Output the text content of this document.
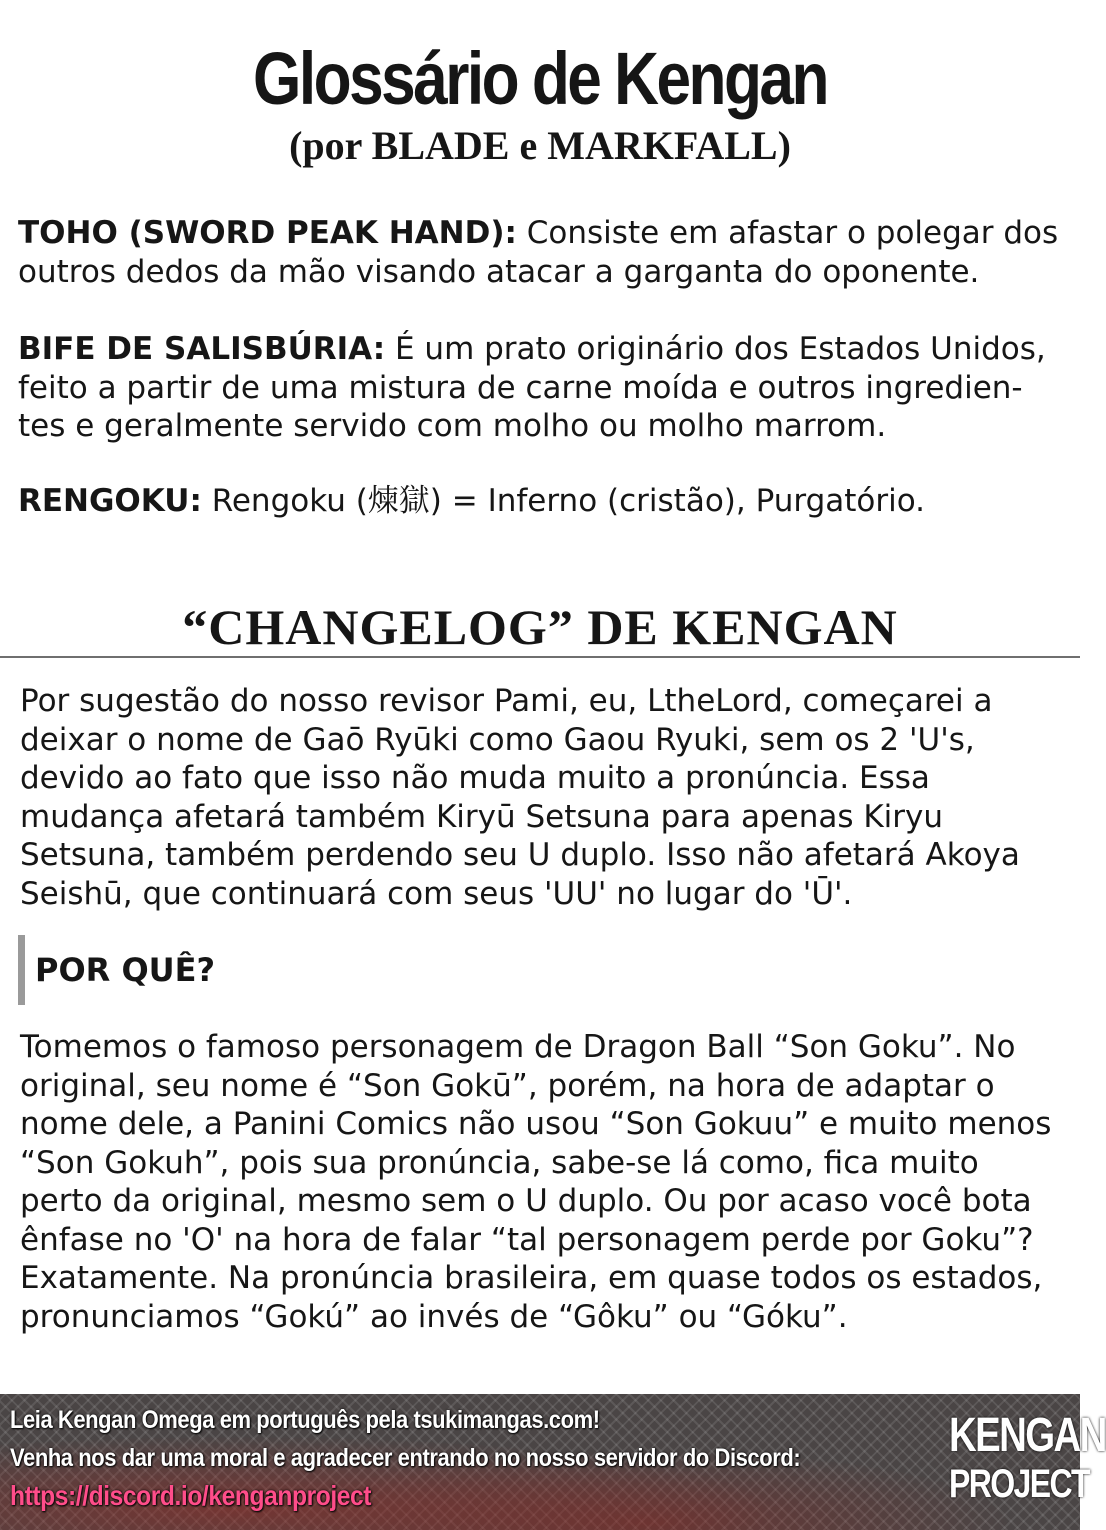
Glossário de Kengan
(por BLADE e MARKFALL)

TOHO (SWORD PEAK HAND): Consiste em afastar o polegar dos outros dedos da mão visando atacar a garganta do oponente.

BIFE DE SALISBÚRIA: É um prato originário dos Estados Unidos, feito a partir de uma mistura de carne moída e outros ingredien-tes e geralmente servido com molho ou molho marrom.

RENGOKU: Rengoku (煉獄) = Inferno (cristão), Purgatório.

“CHANGELOG” DE KENGAN

Por sugestão do nosso revisor Pami, eu, LtheLord, começarei a deixar o nome de Gaō Ryūki como Gaou Ryuki, sem os 2 'U's, devido ao fato que isso não muda muito a pronúncia. Essa mudança afetará também Kiryū Setsuna para apenas Kiryu Setsuna, também perdendo seu U duplo. Isso não afetará Akoya Seishū, que continuará com seus 'UU' no lugar do 'Ū'.

POR QUÊ?

Tomemos o famoso personagem de Dragon Ball “Son Goku”. No original, seu nome é “Son Gokū”, porém, na hora de adaptar o nome dele, a Panini Comics não usou “Son Gokuu” e muito menos “Son Gokuh”, pois sua pronúncia, sabe-se lá como, fica muito perto da original, mesmo sem o U duplo. Ou por acaso você bota ênfase no 'O' na hora de falar “tal personagem perde por Goku”? Exatamente. Na pronúncia brasileira, em quase todos os estados, pronunciamos “Gokú” ao invés de “Gôku” ou “Góku”.

Leia Kengan Omega em português pela tsukimangas.com!
Venha nos dar uma moral e agradecer entrando no nosso servidor do Discord:
https://discord.io/kenganproject
KENGAN
PROJECT
